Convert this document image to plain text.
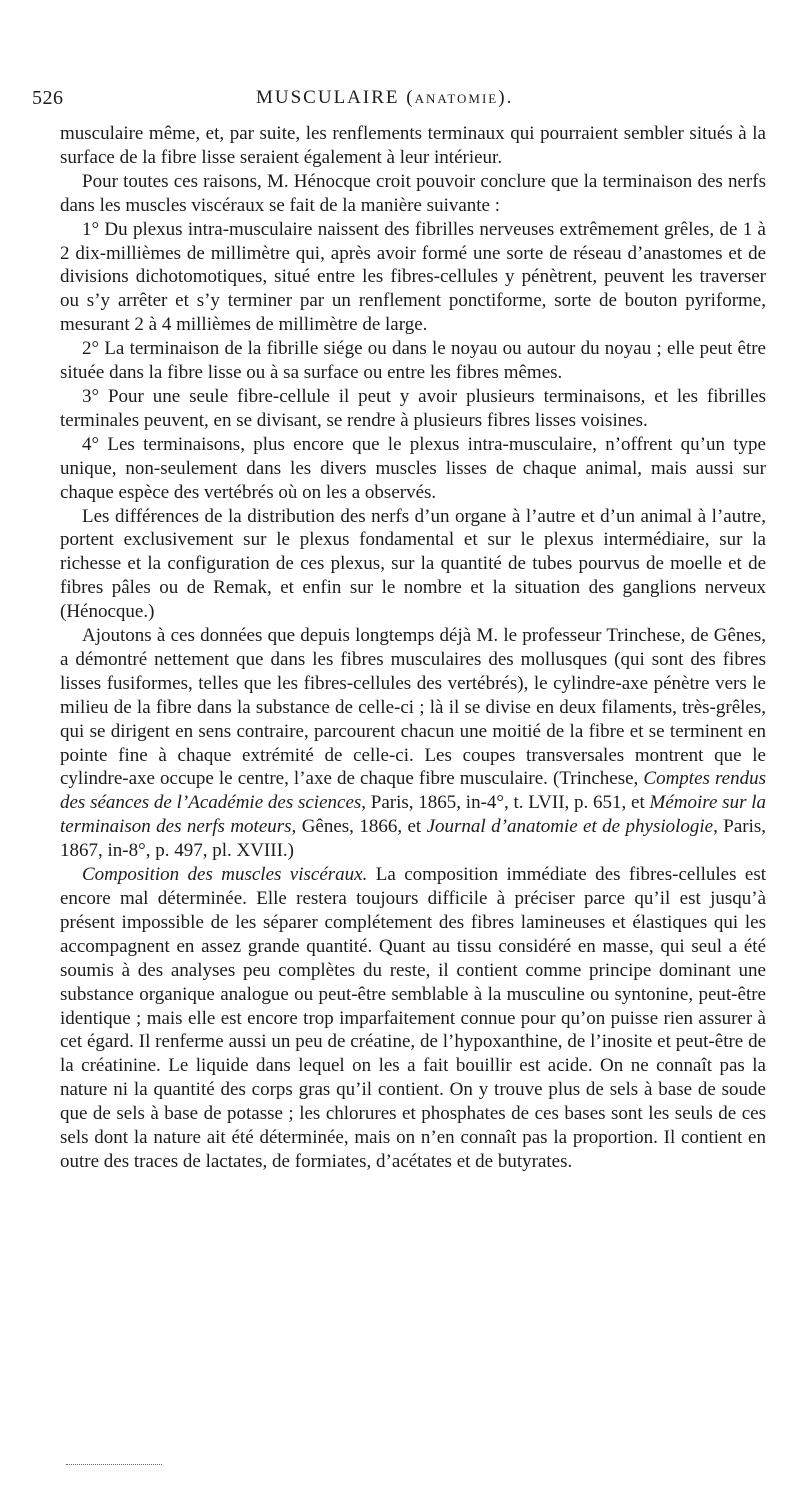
526	MUSCULAIRE (ANATOMIE).

musculaire même, et, par suite, les renflements terminaux qui pourraient sembler situés à la surface de la fibre lisse seraient également à leur intérieur.

Pour toutes ces raisons, M. Hénocque croit pouvoir conclure que la terminaison des nerfs dans les muscles viscéraux se fait de la manière suivante :

1° Du plexus intra-musculaire naissent des fibrilles nerveuses extrêmement grêles, de 1 à 2 dix-millièmes de millimètre qui, après avoir formé une sorte de réseau d’anastomes et de divisions dichotomotiques, situé entre les fibres-cellules y pénètrent, peuvent les traverser ou s’y arrêter et s’y terminer par un renflement ponctiforme, sorte de bouton pyriforme, mesurant 2 à 4 millièmes de millimètre de large.

2° La terminaison de la fibrille siége ou dans le noyau ou autour du noyau ; elle peut être située dans la fibre lisse ou à sa surface ou entre les fibres mêmes.

3° Pour une seule fibre-cellule il peut y avoir plusieurs terminaisons, et les fibrilles terminales peuvent, en se divisant, se rendre à plusieurs fibres lisses voisines.

4° Les terminaisons, plus encore que le plexus intra-musculaire, n’offrent qu’un type unique, non-seulement dans les divers muscles lisses de chaque animal, mais aussi sur chaque espèce des vertébrés où on les a observés.

Les différences de la distribution des nerfs d’un organe à l’autre et d’un animal à l’autre, portent exclusivement sur le plexus fondamental et sur le plexus intermédiaire, sur la richesse et la configuration de ces plexus, sur la quantité de tubes pourvus de moelle et de fibres pâles ou de Remak, et enfin sur le nombre et la situation des ganglions nerveux (Hénocque.)

Ajoutons à ces données que depuis longtemps déjà M. le professeur Trinchese, de Gênes, a démontré nettement que dans les fibres musculaires des mollusques (qui sont des fibres lisses fusiformes, telles que les fibres-cellules des vertébrés), le cylindre-axe pénètre vers le milieu de la fibre dans la substance de celle-ci ; là il se divise en deux filaments, très-grêles, qui se dirigent en sens contraire, parcourent chacun une moitié de la fibre et se terminent en pointe fine à chaque extrémité de celle-ci. Les coupes transversales montrent que le cylindre-axe occupe le centre, l’axe de chaque fibre musculaire. (Trinchese, Comptes rendus des séances de l’Académie des sciences, Paris, 1865, in-4°, t. LVII, p. 651, et Mémoire sur la terminaison des nerfs moteurs, Gênes, 1866, et Journal d’anatomie et de physiologie, Paris, 1867, in-8°, p. 497, pl. XVIII.)

Composition des muscles viscéraux. La composition immédiate des fibres-cellules est encore mal déterminée. Elle restera toujours difficile à préciser parce qu’il est jusqu’à présent impossible de les séparer complétement des fibres lamineuses et élastiques qui les accompagnent en assez grande quantité. Quant au tissu considéré en masse, qui seul a été soumis à des analyses peu complètes du reste, il contient comme principe dominant une substance organique analogue ou peut-être semblable à la musculine ou syntonine, peut-être identique ; mais elle est encore trop imparfaitement connue pour qu’on puisse rien assurer à cet égard. Il renferme aussi un peu de créatine, de l’hypoxanthine, de l’inosite et peut-être de la créatinine. Le liquide dans lequel on les a fait bouillir est acide. On ne connaît pas la nature ni la quantité des corps gras qu’il contient. On y trouve plus de sels à base de soude que de sels à base de potasse ; les chlorures et phosphates de ces bases sont les seuls de ces sels dont la nature ait été déterminée, mais on n’en connaît pas la proportion. Il contient en outre des traces de lactates, de formiates, d’acétates et de butyrates.
